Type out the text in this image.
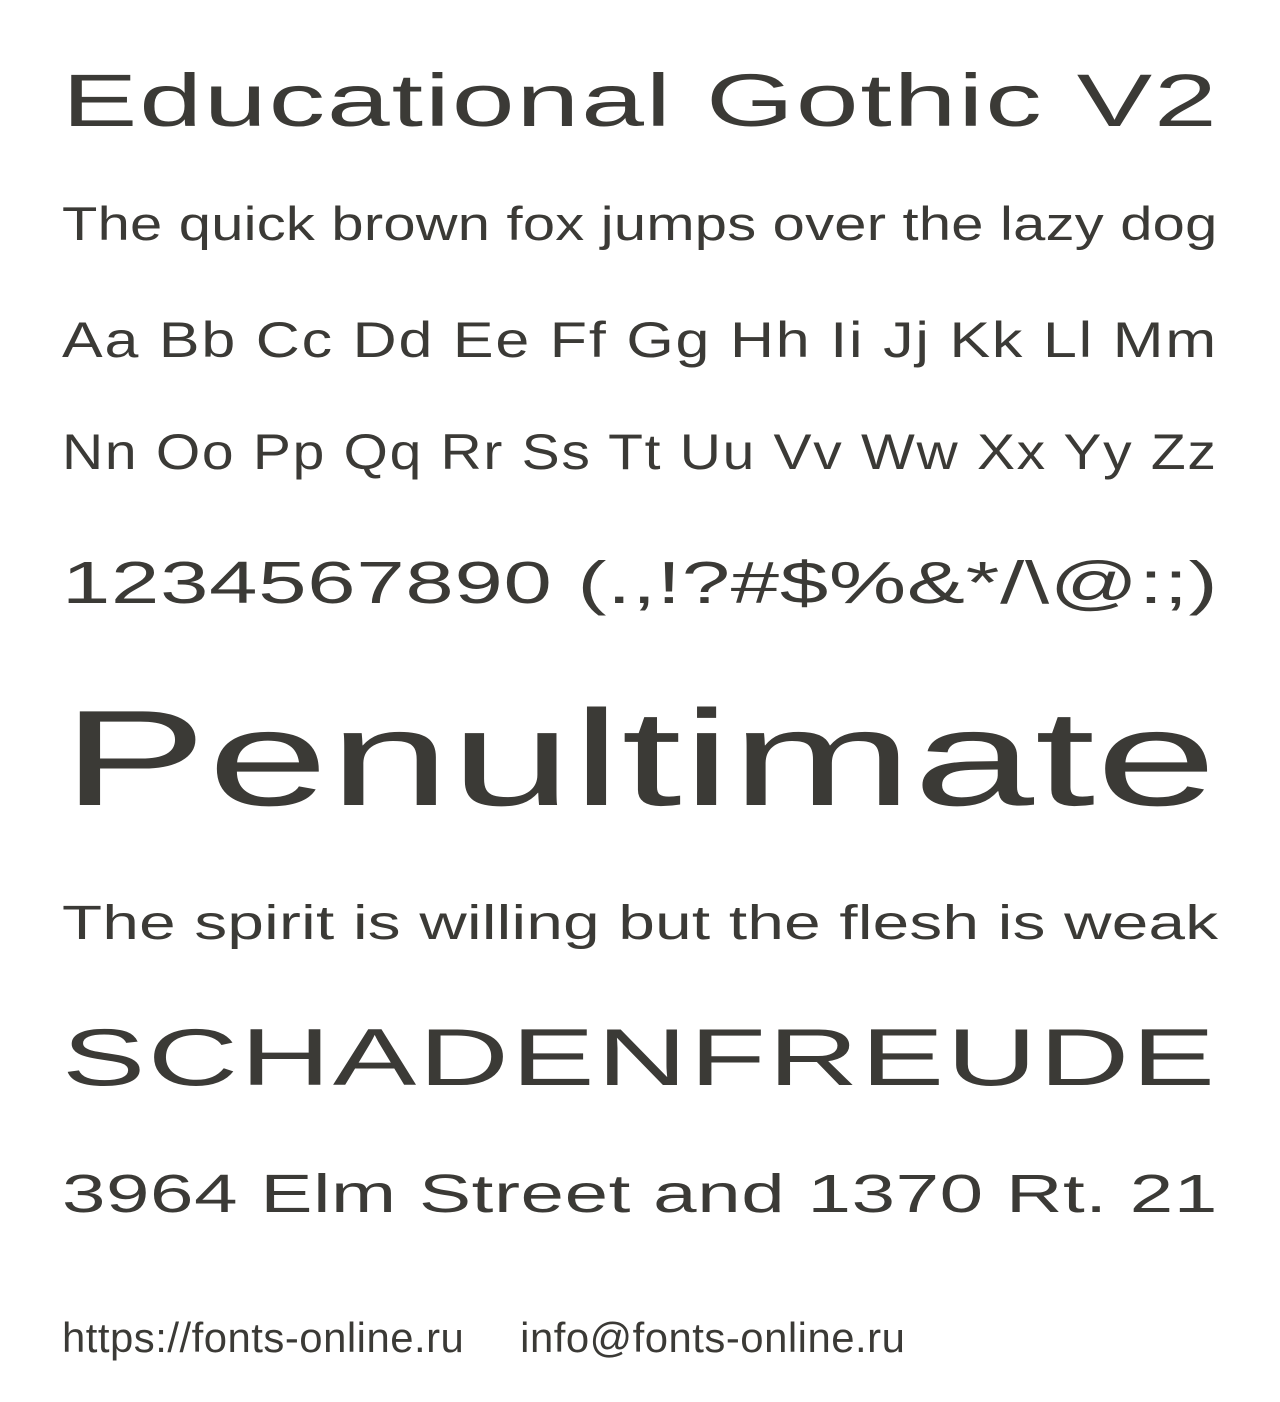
Educational Gothic V2
The quick brown fox jumps over the lazy dog
Aa Bb Cc Dd Ee Ff Gg Hh Ii Jj Kk Ll Mm
Nn Oo Pp Qq Rr Ss Tt Uu Vv Ww Xx Yy Zz
1234567890 (.,!?#$%&*/\@:;)
Penultimate
The spirit is willing but the flesh is weak
SCHADENFREUDE
3964 Elm Street and 1370 Rt. 21
https://fonts-online.ru info@fonts-online.ru
